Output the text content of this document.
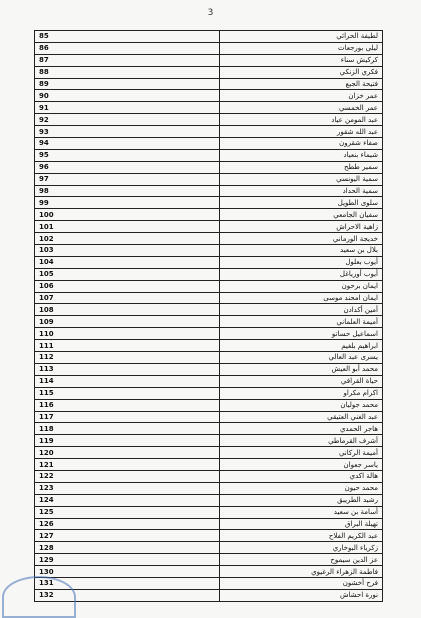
3
لطيفة الحرائي	85
ليلى بورجعات	86
كركيش سناء	87
فكري الزنكي	88
فتيحة الجبع	89
عمر خزان	90
عمر الخمسي	91
عبد المومن عياد	92
عبد الله شقور	93
صفاء شقرون	94
شيماء بنعياد	95
سمير ططح	96
سمية اليونسي	97
سمية الحداد	98
سلوى الطويل	99
سفيان الجامعي	100
زاهية الاحراش	101
خديجة الورماني	102
بلال بن سعيد	103
أيوب بعلول	104
أيوب أورياغل	105
ايمان برحون	106
ايمان امحند موسى	107
أمين أكدادن	108
أميمة العلماني	109
اسماعيل حساتو	110
ابراهيم بلغيم	111
يسرى عبد العالي	112
محمد أبو العيش	113
حياة القرافي	114
اكرام مكراو	115
محمد جوليان	116
عبد الغني العتيقي	117
هاجر الحمدي	118
أشرف القرماطي	119
أميمة الركاني	120
ياسر جعوان	121
هالة اكدي	122
محمد حيون	123
رشيد الطريبق	124
أسامة بن سعيد	125
تهيلة البراق	126
عبد الكريم الفلاح	127
زكرياء البوخاري	128
عز الدين سيموح	129
فاطمة الزهراء الرغيوي	130
فرح أخشون	131
نورة احشاش	132
